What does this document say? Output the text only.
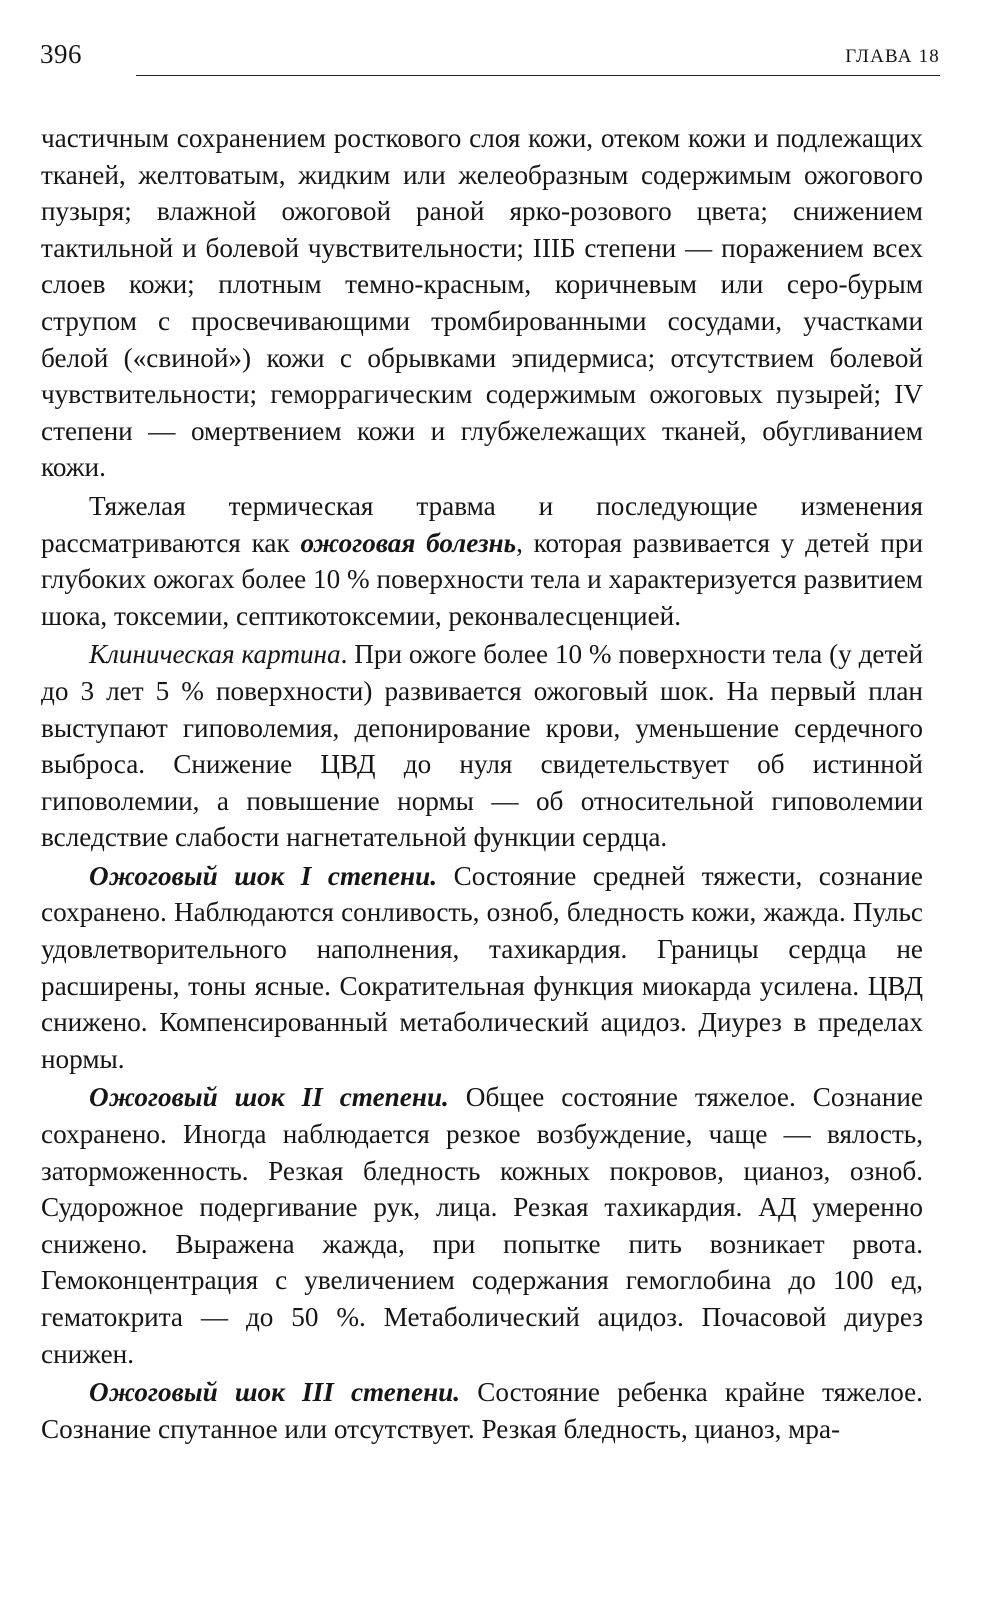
396	ГЛАВА 18

частичным сохранением росткового слоя кожи, отеком кожи и подлежащих тканей, желтоватым, жидким или желеобразным содержимым ожогового пузыря; влажной ожоговой раной ярко-розового цвета; снижением тактильной и болевой чувствительности; IIIБ степени — поражением всех слоев кожи; плотным темно-красным, коричневым или серо-бурым струпом с просвечивающими тромбированными сосудами, участками белой («свиной») кожи с обрывками эпидермиса; отсутствием болевой чувствительности; геморрагическим содержимым ожоговых пузырей; IV степени — омертвением кожи и глубжележащих тканей, обугливанием кожи.

Тяжелая термическая травма и последующие изменения рассматриваются как ожоговая болезнь, которая развивается у детей при глубоких ожогах более 10 % поверхности тела и характеризуется развитием шока, токсемии, септикотоксемии, реконвалесценцией.

Клиническая картина. При ожоге более 10 % поверхности тела (у детей до 3 лет 5 % поверхности) развивается ожоговый шок. На первый план выступают гиповолемия, депонирование крови, уменьшение сердечного выброса. Снижение ЦВД до нуля свидетельствует об истинной гиповолемии, а повышение нормы — об относительной гиповолемии вследствие слабости нагнетательной функции сердца.

Ожоговый шок I степени. Состояние средней тяжести, сознание сохранено. Наблюдаются сонливость, озноб, бледность кожи, жажда. Пульс удовлетворительного наполнения, тахикардия. Границы сердца не расширены, тоны ясные. Сократительная функция миокарда усилена. ЦВД снижено. Компенсированный метаболический ацидоз. Диурез в пределах нормы.

Ожоговый шок II степени. Общее состояние тяжелое. Сознание сохранено. Иногда наблюдается резкое возбуждение, чаще — вялость, заторможенность. Резкая бледность кожных покровов, цианоз, озноб. Судорожное подергивание рук, лица. Резкая тахикардия. АД умеренно снижено. Выражена жажда, при попытке пить возникает рвота. Гемоконцентрация с увеличением содержания гемоглобина до 100 ед, гематокрита — до 50 %. Метаболический ацидоз. Почасовой диурез снижен.

Ожоговый шок III степени. Состояние ребенка крайне тяжелое. Сознание спутанное или отсутствует. Резкая бледность, цианоз, мра-
